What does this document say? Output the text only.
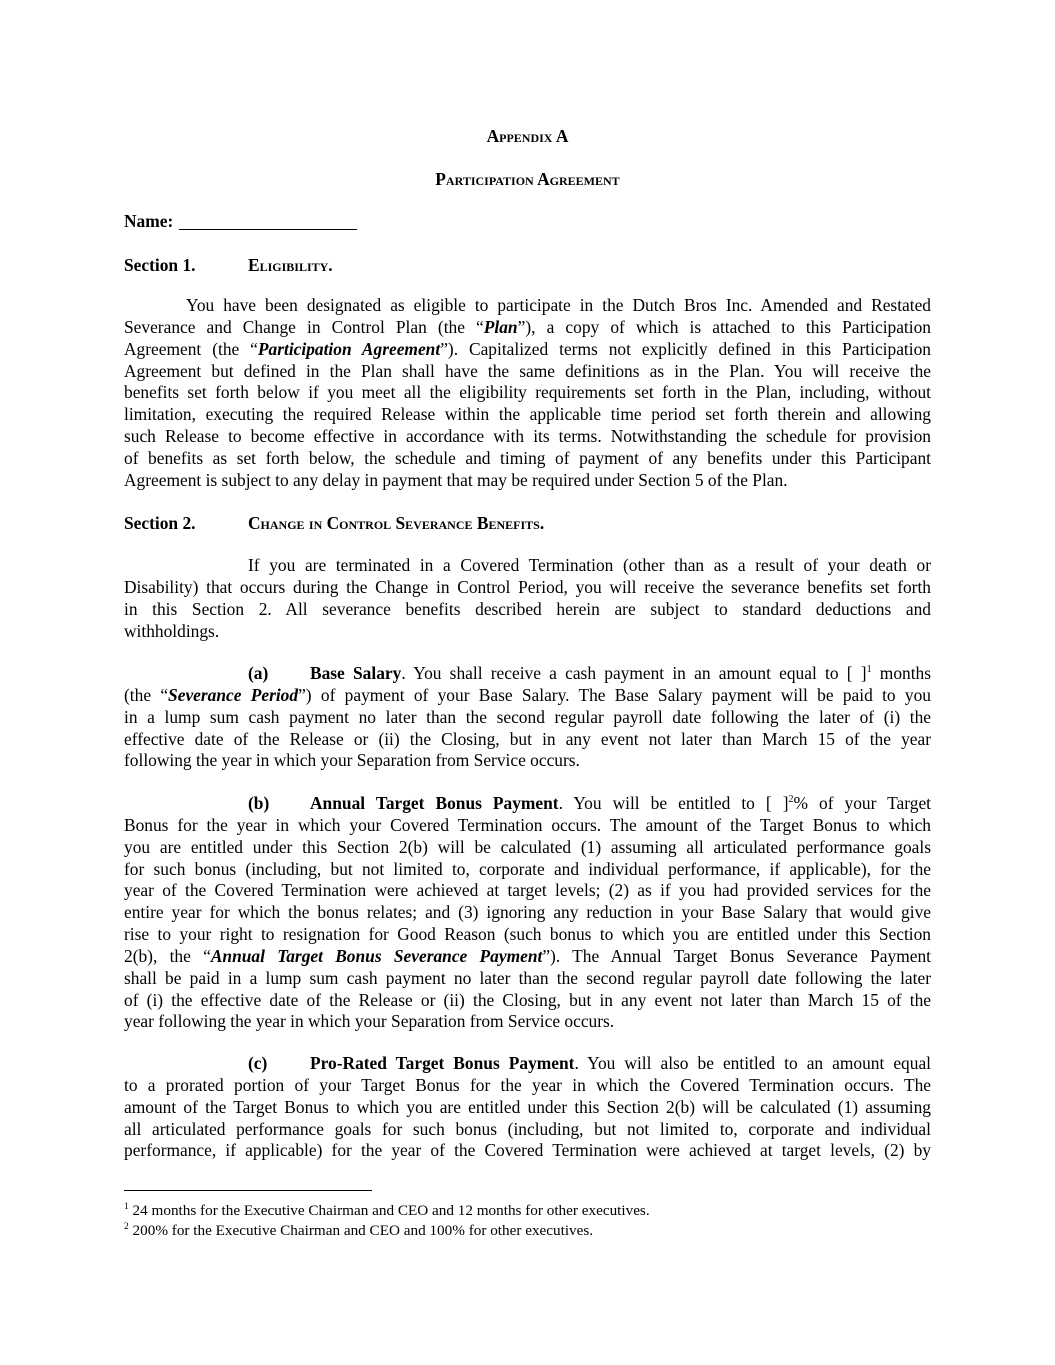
Appendix A
Participation Agreement
Name:
Section 1.	Eligibility.
You have been designated as eligible to participate in the Dutch Bros Inc. Amended and Restated
Severance and Change in Control Plan (the “Plan”), a copy of which is attached to this Participation
Agreement (the “Participation Agreement”). Capitalized terms not explicitly defined in this Participation
Agreement but defined in the Plan shall have the same definitions as in the Plan. You will receive the
benefits set forth below if you meet all the eligibility requirements set forth in the Plan, including, without
limitation, executing the required Release within the applicable time period set forth therein and allowing
such Release to become effective in accordance with its terms. Notwithstanding the schedule for provision
of benefits as set forth below, the schedule and timing of payment of any benefits under this Participant
Agreement is subject to any delay in payment that may be required under Section 5 of the Plan.
Section 2.	Change in Control Severance Benefits.
If you are terminated in a Covered Termination (other than as a result of your death or
Disability) that occurs during the Change in Control Period, you will receive the severance benefits set forth
in this Section 2. All severance benefits described herein are subject to standard deductions and
withholdings.
(a) Base Salary. You shall receive a cash payment in an amount equal to [ ]$^1$ months
(the “Severance Period”) of payment of your Base Salary. The Base Salary payment will be paid to you
in a lump sum cash payment no later than the second regular payroll date following the later of (i) the
effective date of the Release or (ii) the Closing, but in any event not later than March 15 of the year
following the year in which your Separation from Service occurs.
(b) Annual Target Bonus Payment. You will be entitled to [ ]$^2$% of your Target
Bonus for the year in which your Covered Termination occurs. The amount of the Target Bonus to which
you are entitled under this Section 2(b) will be calculated (1) assuming all articulated performance goals
for such bonus (including, but not limited to, corporate and individual performance, if applicable), for the
year of the Covered Termination were achieved at target levels; (2) as if you had provided services for the
entire year for which the bonus relates; and (3) ignoring any reduction in your Base Salary that would give
rise to your right to resignation for Good Reason (such bonus to which you are entitled under this Section
2(b), the “Annual Target Bonus Severance Payment”). The Annual Target Bonus Severance Payment
shall be paid in a lump sum cash payment no later than the second regular payroll date following the later
of (i) the effective date of the Release or (ii) the Closing, but in any event not later than March 15 of the
year following the year in which your Separation from Service occurs.
(c) Pro-Rated Target Bonus Payment. You will also be entitled to an amount equal
to a prorated portion of your Target Bonus for the year in which the Covered Termination occurs. The
amount of the Target Bonus to which you are entitled under this Section 2(b) will be calculated (1) assuming
all articulated performance goals for such bonus (including, but not limited to, corporate and individual
performance, if applicable) for the year of the Covered Termination were achieved at target levels, (2) by
$^1$ 24 months for the Executive Chairman and CEO and 12 months for other executives.
$^2$ 200% for the Executive Chairman and CEO and 100% for other executives.
